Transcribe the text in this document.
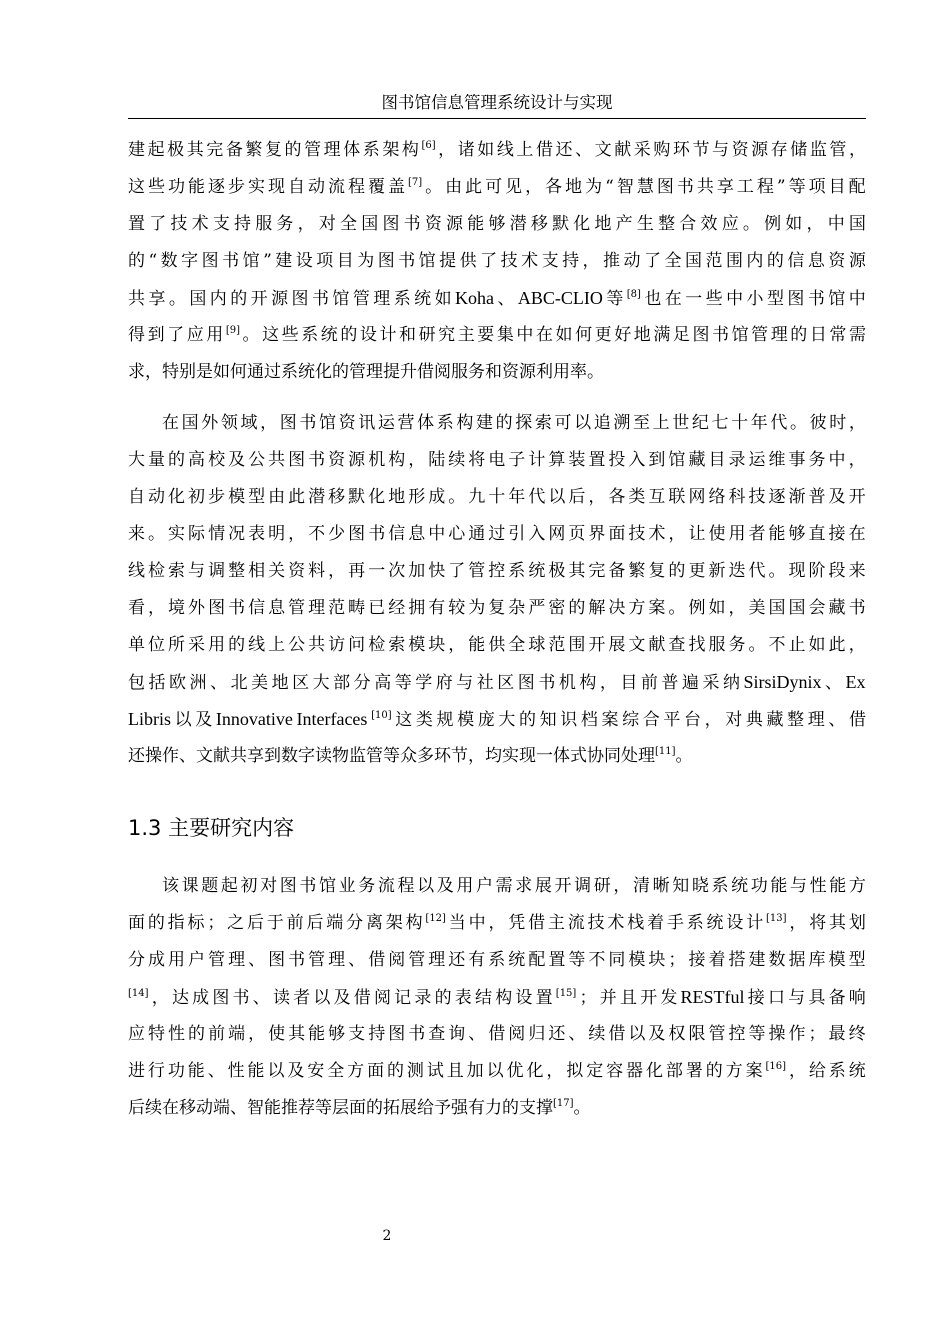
图书馆信息管理系统设计与实现
建 起 极 其 完 备 繁 复 的 管 理 体 系 架 构 [6] ， 诸 如 线 上 借 还 、 文 献 采 购 环 节 与 资 源 存 储 监 管 ，
这 些 功 能 逐 步 实 现 自 动 流 程 覆 盖 [7] 。 由 此 可 见 ， 各 地 为 “ 智 慧 图 书 共 享 工 程 ” 等 项 目 配
置 了 技 术 支 持 服 务 ， 对 全 国 图 书 资 源 能 够 潜 移 默 化 地 产 生 整 合 效 应 。 例 如 ， 中 国
的 “ 数 字 图 书 馆 ” 建 设 项 目 为 图 书 馆 提 供 了 技 术 支 持 ， 推 动 了 全 国 范 围 内 的 信 息 资 源
共 享 。 国 内 的 开 源 图 书 馆 管 理 系 统 如 Koha 、 ABC-CLIO 等 [8] 也 在 一 些 中 小 型 图 书 馆 中
得 到 了 应 用 [9] 。 这 些 系 统 的 设 计 和 研 究 主 要 集 中 在 如 何 更 好 地 满 足 图 书 馆 管 理 的 日 常 需
求，特别是如何通过系统化的管理提升借阅服务和资源利用率。
在 国 外 领 域 ， 图 书 馆 资 讯 运 营 体 系 构 建 的 探 索 可 以 追 溯 至 上 世 纪 七 十 年 代 。 彼 时 ，
大 量 的 高 校 及 公 共 图 书 资 源 机 构 ， 陆 续 将 电 子 计 算 装 置 投 入 到 馆 藏 目 录 运 维 事 务 中 ，
自 动 化 初 步 模 型 由 此 潜 移 默 化 地 形 成 。 九 十 年 代 以 后 ， 各 类 互 联 网 络 科 技 逐 渐 普 及 开
来 。 实 际 情 况 表 明 ， 不 少 图 书 信 息 中 心 通 过 引 入 网 页 界 面 技 术 ， 让 使 用 者 能 够 直 接 在
线 检 索 与 调 整 相 关 资 料 ， 再 一 次 加 快 了 管 控 系 统 极 其 完 备 繁 复 的 更 新 迭 代 。 现 阶 段 来
看 ， 境 外 图 书 信 息 管 理 范 畴 已 经 拥 有 较 为 复 杂 严 密 的 解 决 方 案 。 例 如 ， 美 国 国 会 藏 书
单 位 所 采 用 的 线 上 公 共 访 问 检 索 模 块 ， 能 供 全 球 范 围 开 展 文 献 查 找 服 务 。 不 止 如 此 ，
包 括 欧 洲 、 北 美 地 区 大 部 分 高 等 学 府 与 社 区 图 书 机 构 ， 目 前 普 遍 采 纳 SirsiDynix 、 Ex
Libris 以 及 Innovative Interfaces [10] 这 类 规 模 庞 大 的 知 识 档 案 综 合 平 台 ， 对 典 藏 整 理 、 借
还操作、文献共享到数字读物监管等众多环节，均实现一体式协同处理 [11] 。
1.3 主要研究内容
该 课 题 起 初 对 图 书 馆 业 务 流 程 以 及 用 户 需 求 展 开 调 研 ， 清 晰 知 晓 系 统 功 能 与 性 能 方
面 的 指 标 ； 之 后 于 前 后 端 分 离 架 构 [12] 当 中 ， 凭 借 主 流 技 术 栈 着 手 系 统 设 计 [13] ， 将 其 划
分 成 用 户 管 理 、 图 书 管 理 、 借 阅 管 理 还 有 系 统 配 置 等 不 同 模 块 ； 接 着 搭 建 数 据 库 模 型
[14] ， 达 成 图 书 、 读 者 以 及 借 阅 记 录 的 表 结 构 设 置 [15] ； 并 且 开 发 RESTful 接 口 与 具 备 响
应 特 性 的 前 端 ， 使 其 能 够 支 持 图 书 查 询 、 借 阅 归 还 、 续 借 以 及 权 限 管 控 等 操 作 ； 最 终
进 行 功 能 、 性 能 以 及 安 全 方 面 的 测 试 且 加 以 优 化 ， 拟 定 容 器 化 部 署 的 方 案 [16] ， 给 系 统
后续在移动端、智能推荐等层面的拓展给予强有力的支撑 [17] 。
2
